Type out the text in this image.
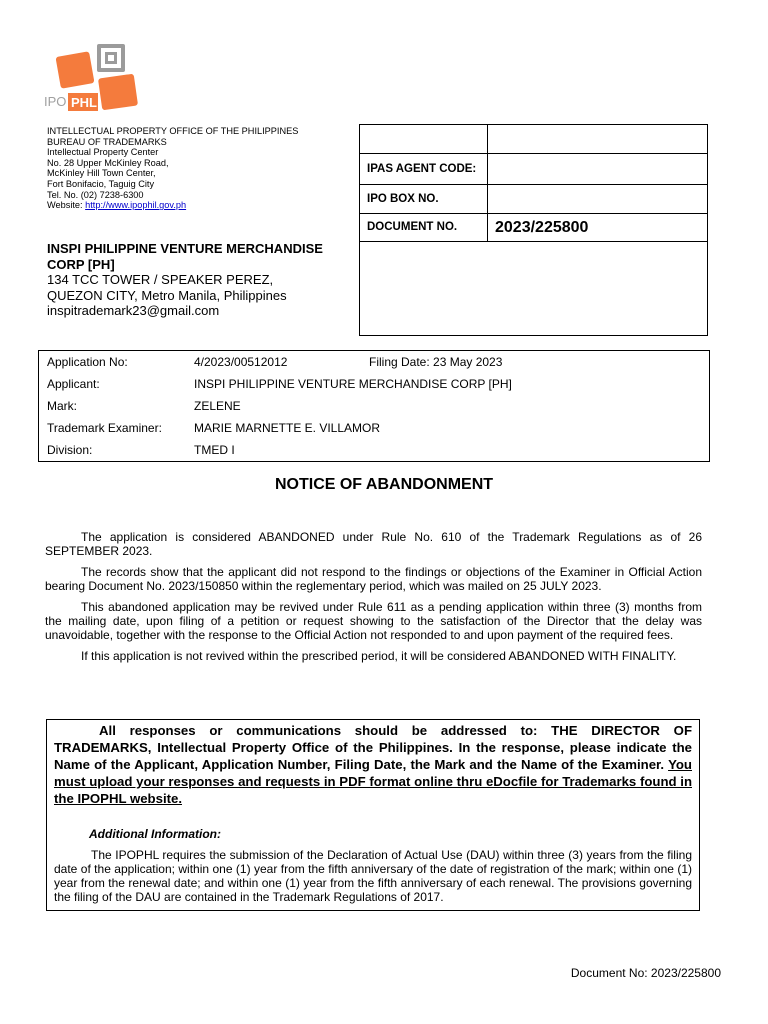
IPO PHL
INTELLECTUAL PROPERTY OFFICE OF THE PHILIPPINES
BUREAU OF TRADEMARKS
Intellectual Property Center
No. 28 Upper McKinley Road,
McKinley Hill Town Center,
Fort Bonifacio, Taguig City
Tel. No. (02) 7238-6300
Website: http://www.ipophil.gov.ph
INSPI PHILIPPINE VENTURE MERCHANDISE CORP [PH]
134 TCC TOWER / SPEAKER PEREZ,
QUEZON CITY, Metro Manila, Philippines
inspitrademark23@gmail.com

IPAS AGENT CODE:	
IPO BOX NO.	
DOCUMENT NO.	2023/225800

Application No:	4/2023/00512012	Filing Date: 23 May 2023
Applicant:	INSPI PHILIPPINE VENTURE MERCHANDISE CORP [PH]
Mark:	ZELENE
Trademark Examiner:	MARIE MARNETTE E. VILLAMOR
Division:	TMED I
NOTICE OF ABANDONMENT

The application is considered ABANDONED under Rule No. 610 of the Trademark Regulations as of 26 SEPTEMBER 2023.

The records show that the applicant did not respond to the findings or objections of the Examiner in Official Action bearing Document No. 2023/150850 within the reglementary period, which was mailed on 25 JULY 2023.

This abandoned application may be revived under Rule 611 as a pending application within three (3) months from the mailing date, upon filing of a petition or request showing to the satisfaction of the Director that the delay was unavoidable, together with the response to the Official Action not responded to and upon payment of the required fees.

If this application is not revived within the prescribed period, it will be considered ABANDONED WITH FINALITY.

All responses or communications should be addressed to: THE DIRECTOR OF TRADEMARKS, Intellectual Property Office of the Philippines. In the response, please indicate the Name of the Applicant, Application Number, Filing Date, the Mark and the Name of the Examiner. You must upload your responses and requests in PDF format online thru eDocfile for Trademarks found in the IPOPHL website.
Additional Information:
The IPOPHL requires the submission of the Declaration of Actual Use (DAU) within three (3) years from the filing date of the application; within one (1) year from the fifth anniversary of the date of registration of the mark; within one (1) year from the renewal date; and within one (1) year from the fifth anniversary of each renewal. The provisions governing the filing of the DAU are contained in the Trademark Regulations of 2017.
Document No: 2023/225800
